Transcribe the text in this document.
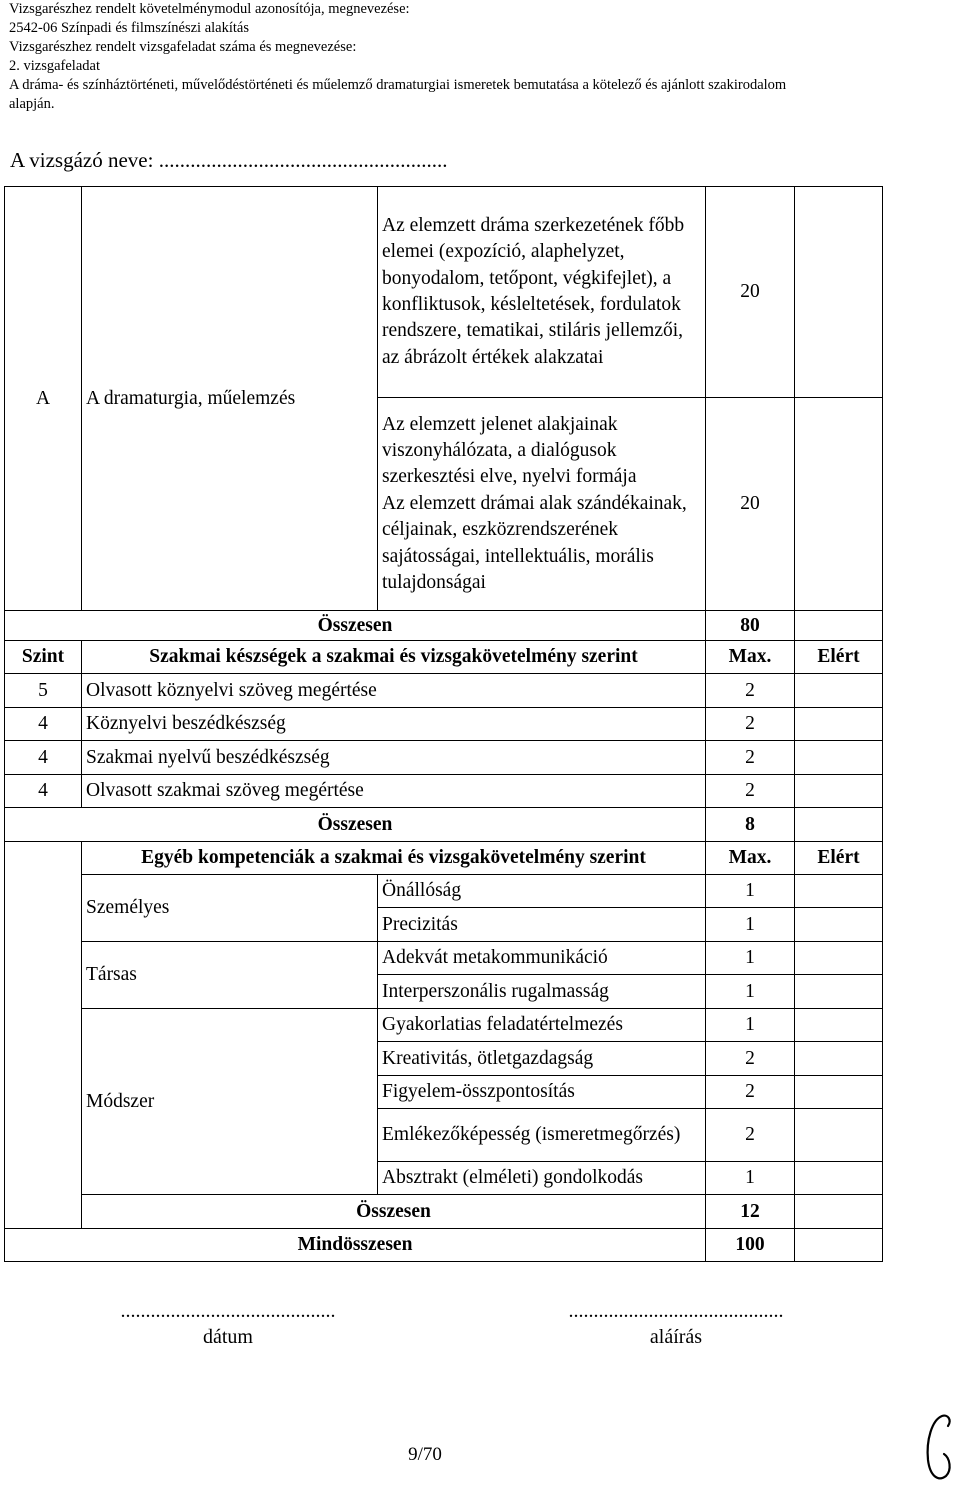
Vizsgarészhez rendelt követelménymodul azonosítója, megnevezése:
2542-06 Színpadi és filmszínészi alakítás
Vizsgarészhez rendelt vizsgafeladat száma és megnevezése:
2. vizsgafeladat
A dráma- és színháztörténeti, művelődéstörténeti és műelemző dramaturgiai ismeretek bemutatása a kötelező és ajánlott szakirodalom
alapján.
A vizsgázó neve: .......................................................
A	A dramaturgia, műelemzés	Az elemzett dráma szerkezetének főbb elemei (expozíció, alaphelyzet, bonyodalom, tetőpont, végkifejlet), a konfliktusok, késleltetések, fordulatok rendszere, tematikai, stiláris jellemzői, az ábrázolt értékek alakzatai	20	

		Az elemzett jelenet alakjainak viszonyhálózata, a dialógusok szerkesztési elve, nyelvi formája
Az elemzett drámai alak szándékainak, céljainak, eszközrendszerének sajátosságai, intellektuális, morális tulajdonságai	20	
Összesen			80	
Szint	Szakmai készségek a szakmai és vizsgakövetelmény szerint		Max.	Elért
5	Olvasott köznyelvi szöveg megértése		2	
4	Köznyelvi beszédkészség		2	
4	Szakmai nyelvű beszédkészség		2	
4	Olvasott szakmai szöveg megértése		2	
Összesen			8	
	Egyéb kompetenciák a szakmai és vizsgakövetelmény szerint		Max.	Elért
	Személyes	Önállóság	1	
		Precizitás	1	
	Társas	Adekvát metakommunikáció	1	
		Interperszonális rugalmasság	1	
	Módszer	Gyakorlatias feladatértelmezés	1	
		Kreativitás, ötletgazdagság	2	
		Figyelem-összpontosítás	2	
		Emlékezőképesség (ismeretmegőrzés)	2	
		Absztrakt (elméleti) gondolkodás	1	
	Összesen		12	
Mindösszesen			100	
...........................................
dátum
...........................................
aláírás
9/70
